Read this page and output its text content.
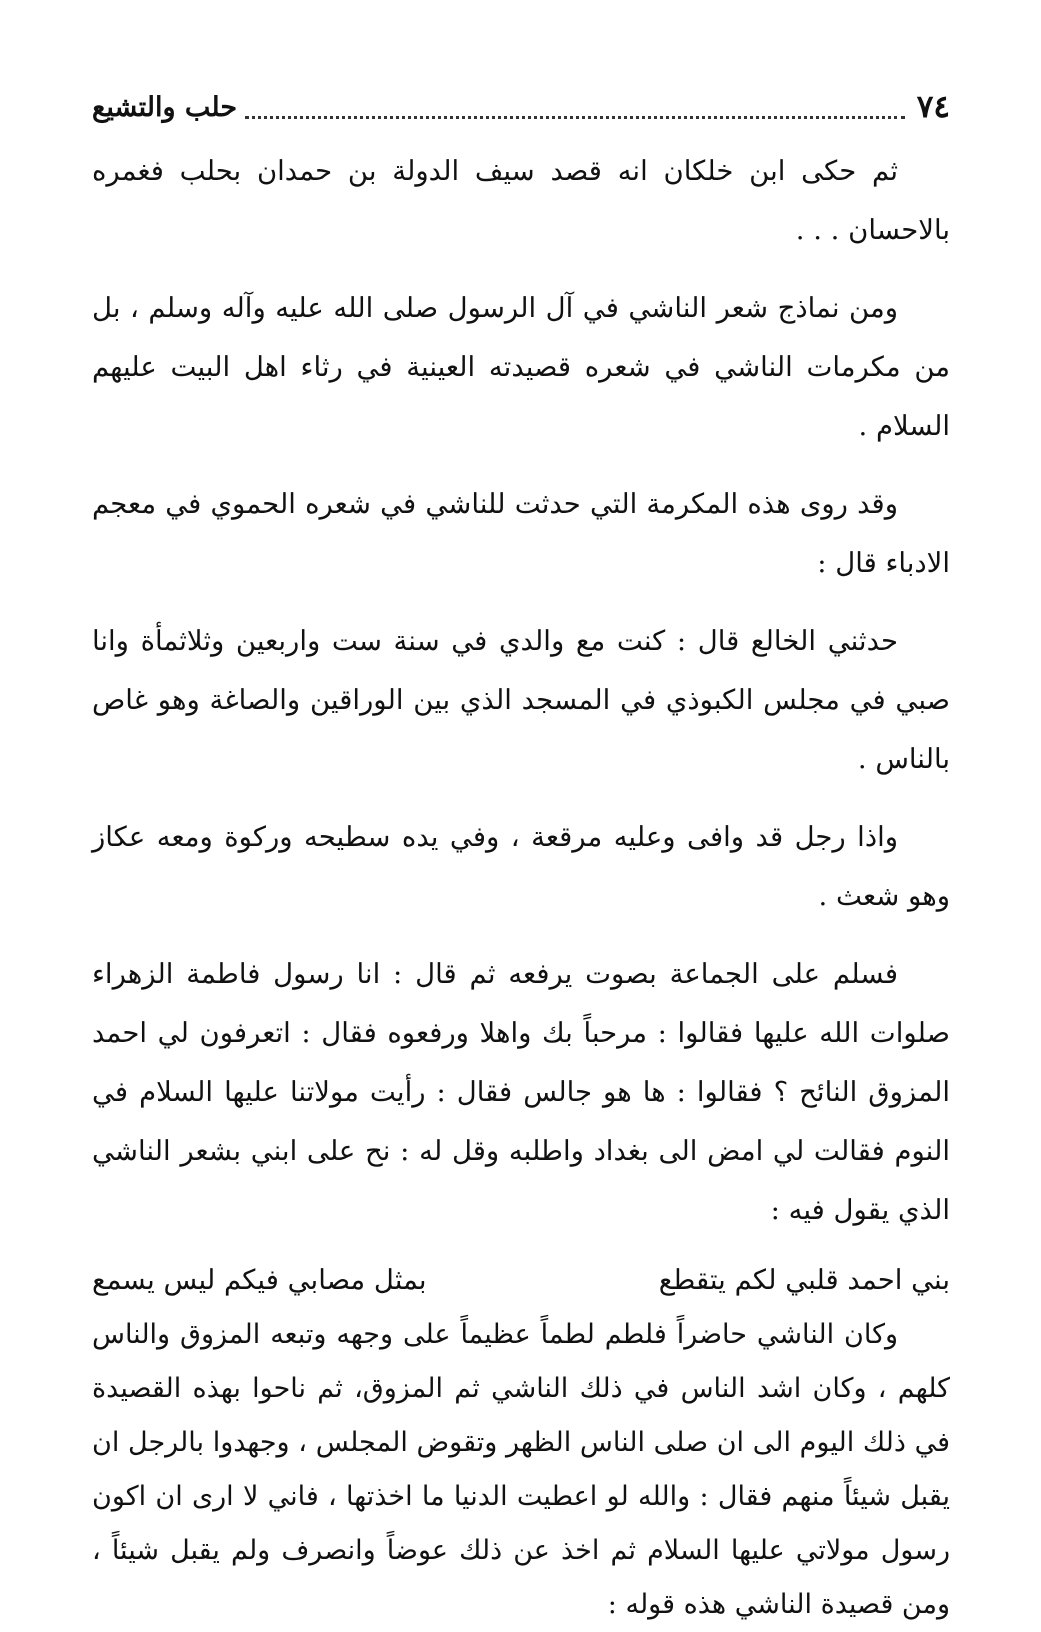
٧٤
حلب والتشيع

ثم حكى ابن خلكان انه قصد سيف الدولة بن حمدان بحلب فغمره بالاحسان . . .

ومن نماذج شعر الناشي في آل الرسول صلى الله عليه وآله وسلم ، بل من مكرمات الناشي في شعره قصيدته العينية في رثاء اهل البيت عليهم السلام .

وقد روى هذه المكرمة التي حدثت للناشي في شعره الحموي في معجم الادباء قال :

حدثني الخالع قال : كنت مع والدي في سنة ست واربعين وثلاثمأة وانا صبي في مجلس الكبوذي في المسجد الذي بين الوراقين والصاغة وهو غاص بالناس .

واذا رجل قد وافى وعليه مرقعة ، وفي يده سطيحه وركوة ومعه عكاز وهو شعث .

فسلم على الجماعة بصوت يرفعه ثم قال : انا رسول فاطمة الزهراء صلوات الله عليها فقالوا : مرحباً بك واهلا ورفعوه فقال : اتعرفون لي احمد المزوق النائح ؟ فقالوا : ها هو جالس فقال : رأيت مولاتنا عليها السلام في النوم فقالت لي امض الى بغداد واطلبه وقل له : نح على ابني بشعر الناشي الذي يقول فيه :

بني احمد قلبي لكم يتقطع
بمثل مصابي فيكم ليس يسمع

وكان الناشي حاضراً فلطم لطماً عظيماً على وجهه وتبعه المزوق والناس كلهم ، وكان اشد الناس في ذلك الناشي ثم المزوق، ثم ناحوا بهذه القصيدة في ذلك اليوم الى ان صلى الناس الظهر وتقوض المجلس ، وجهدوا بالرجل ان يقبل شيئاً منهم فقال : والله لو اعطيت الدنيا ما اخذتها ، فاني لا ارى ان اكون رسول مولاتي عليها السلام ثم اخذ عن ذلك عوضاً وانصرف ولم يقبل شيئاً ، ومن قصيدة الناشي هذه قوله :
